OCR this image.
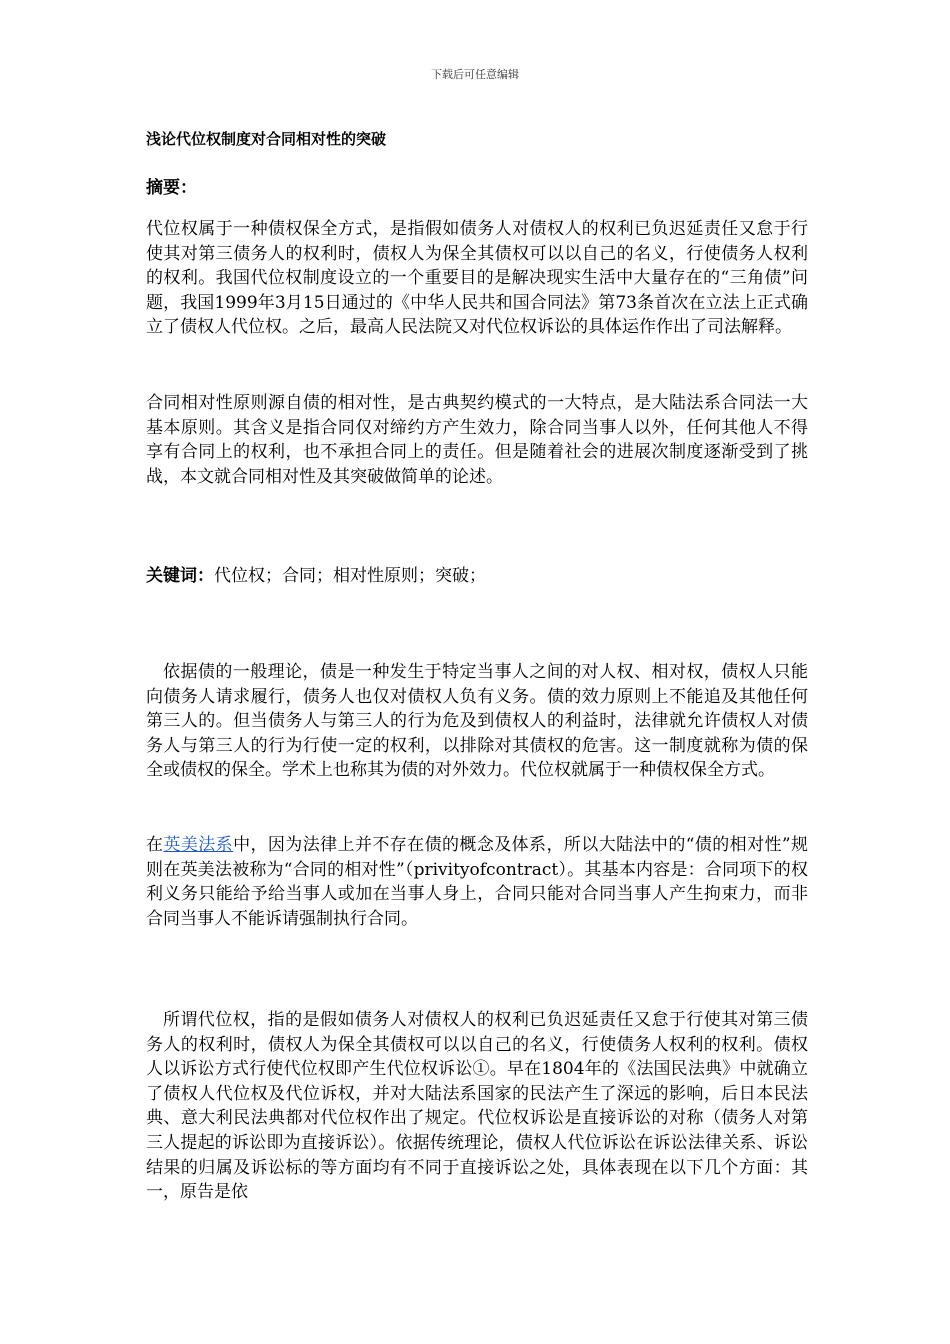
下载后可任意编辑
浅论代位权制度对合同相对性的突破
摘要：
代位权属于一种债权保全方式，是指假如债务人对债权人的权利已负迟延责任又怠于行使其对第三债务人的权利时，债权人为保全其债权可以以自己的名义，行使债务人权利的权利。我国代位权制度设立的一个重要目的是解决现实生活中大量存在的“三角债”问题，我国1999年3月15日通过的《中华人民共和国合同法》第73条首次在立法上正式确立了债权人代位权。之后，最高人民法院又对代位权诉讼的具体运作作出了司法解释。
合同相对性原则源自债的相对性，是古典契约模式的一大特点，是大陆法系合同法一大基本原则。其含义是指合同仅对缔约方产生效力，除合同当事人以外，任何其他人不得享有合同上的权利，也不承担合同上的责任。但是随着社会的进展次制度逐渐受到了挑战，本文就合同相对性及其突破做简单的论述。
关键词：代位权；合同；相对性原则；突破；
依据债的一般理论，债是一种发生于特定当事人之间的对人权、相对权，债权人只能向债务人请求履行，债务人也仅对债权人负有义务。债的效力原则上不能追及其他任何第三人的。但当债务人与第三人的行为危及到债权人的利益时，法律就允许债权人对债务人与第三人的行为行使一定的权利，以排除对其债权的危害。这一制度就称为债的保全或债权的保全。学术上也称其为债的对外效力。代位权就属于一种债权保全方式。
在英美法系中，因为法律上并不存在债的概念及体系，所以大陆法中的“债的相对性”规则在英美法被称为“合同的相对性”（privityofcontract）。其基本内容是：合同项下的权利义务只能给予给当事人或加在当事人身上，合同只能对合同当事人产生拘束力，而非合同当事人不能诉请强制执行合同。
所谓代位权，指的是假如债务人对债权人的权利已负迟延责任又怠于行使其对第三债务人的权利时，债权人为保全其债权可以以自己的名义，行使债务人权利的权利。债权人以诉讼方式行使代位权即产生代位权诉讼①。早在1804年的《法国民法典》中就确立了债权人代位权及代位诉权，并对大陆法系国家的民法产生了深远的影响，后日本民法典、意大利民法典都对代位权作出了规定。代位权诉讼是直接诉讼的对称（债务人对第三人提起的诉讼即为直接诉讼）。依据传统理论，债权人代位诉讼在诉讼法律关系、诉讼结果的归属及诉讼标的等方面均有不同于直接诉讼之处，具体表现在以下几个方面：其一，原告是依
